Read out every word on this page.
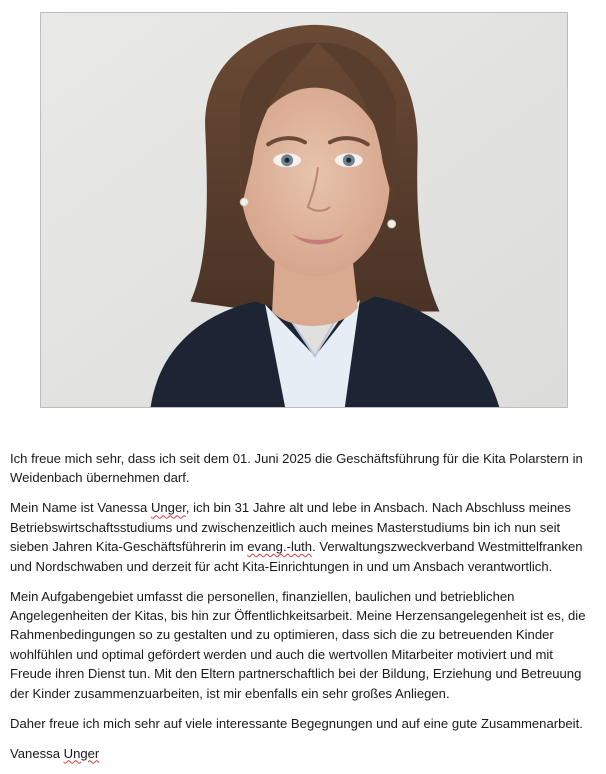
Ich freue mich sehr, dass ich seit dem 01. Juni 2025 die Geschäftsführung für die Kita Polarstern in Weidenbach übernehmen darf.

Mein Name ist Vanessa Unger, ich bin 31 Jahre alt und lebe in Ansbach. Nach Abschluss meines Betriebswirtschaftsstudiums und zwischenzeitlich auch meines Masterstudiums bin ich nun seit sieben Jahren Kita-Geschäftsführerin im evang.-luth. Verwaltungszweckverband Westmittelfranken und Nordschwaben und derzeit für acht Kita-Einrichtungen in und um Ansbach verantwortlich.

Mein Aufgabengebiet umfasst die personellen, finanziellen, baulichen und betrieblichen Angelegenheiten der Kitas, bis hin zur Öffentlichkeitsarbeit. Meine Herzensangelegenheit ist es, die Rahmenbedingungen so zu gestalten und zu optimieren, dass sich die zu betreuenden Kinder wohlfühlen und optimal gefördert werden und auch die wertvollen Mitarbeiter motiviert und mit Freude ihren Dienst tun. Mit den Eltern partnerschaftlich bei der Bildung, Erziehung und Betreuung der Kinder zusammenzuarbeiten, ist mir ebenfalls ein sehr großes Anliegen.

Daher freue ich mich sehr auf viele interessante Begegnungen und auf eine gute Zusammenarbeit.

Vanessa Unger
